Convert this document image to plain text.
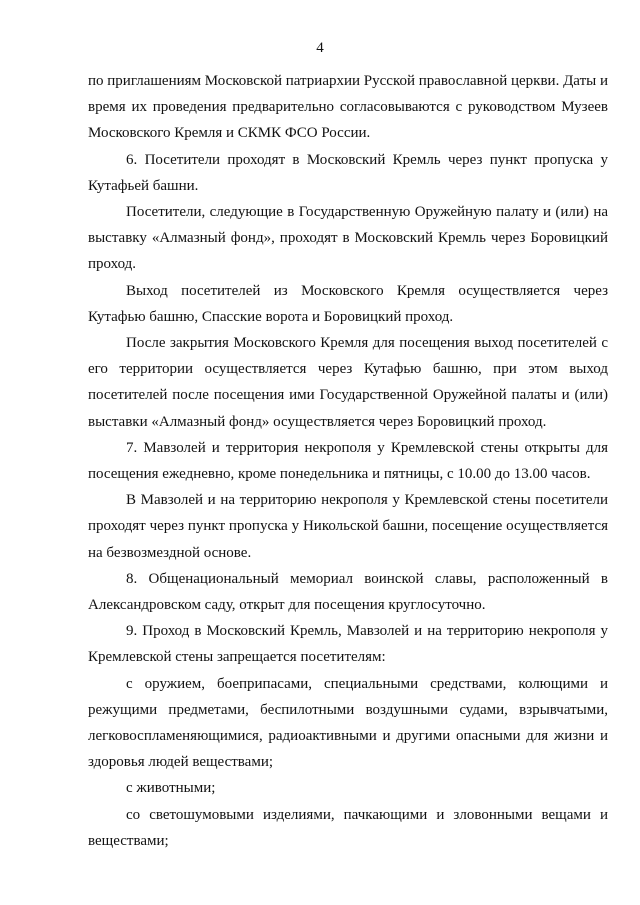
4

по приглашениям Московской патриархии Русской православной церкви. Даты и время их проведения предварительно согласовываются с руководством Музеев Московского Кремля и СКМК ФСО России.

6. Посетители проходят в Московский Кремль через пункт пропуска у Кутафьей башни.

Посетители, следующие в Государственную Оружейную палату и (или) на выставку «Алмазный фонд», проходят в Московский Кремль через Боровицкий проход.

Выход посетителей из Московского Кремля осуществляется через Кутафью башню, Спасские ворота и Боровицкий проход.

После закрытия Московского Кремля для посещения выход посетителей с его территории осуществляется через Кутафью башню, при этом выход посетителей после посещения ими Государственной Оружейной палаты и (или) выставки «Алмазный фонд» осуществляется через Боровицкий проход.

7. Мавзолей и территория некрополя у Кремлевской стены открыты для посещения ежедневно, кроме понедельника и пятницы, с 10.00 до 13.00 часов.

В Мавзолей и на территорию некрополя у Кремлевской стены посетители проходят через пункт пропуска у Никольской башни, посещение осуществляется на безвозмездной основе.

8. Общенациональный мемориал воинской славы, расположенный в Александровском саду, открыт для посещения круглосуточно.

9. Проход в Московский Кремль, Мавзолей и на территорию некрополя у Кремлевской стены запрещается посетителям:

с оружием, боеприпасами, специальными средствами, колющими и режущими предметами, беспилотными воздушными судами, взрывчатыми, легковоспламеняющимися, радиоактивными и другими опасными для жизни и здоровья людей веществами;

с животными;

со светошумовыми изделиями, пачкающими и зловонными вещами и веществами;
